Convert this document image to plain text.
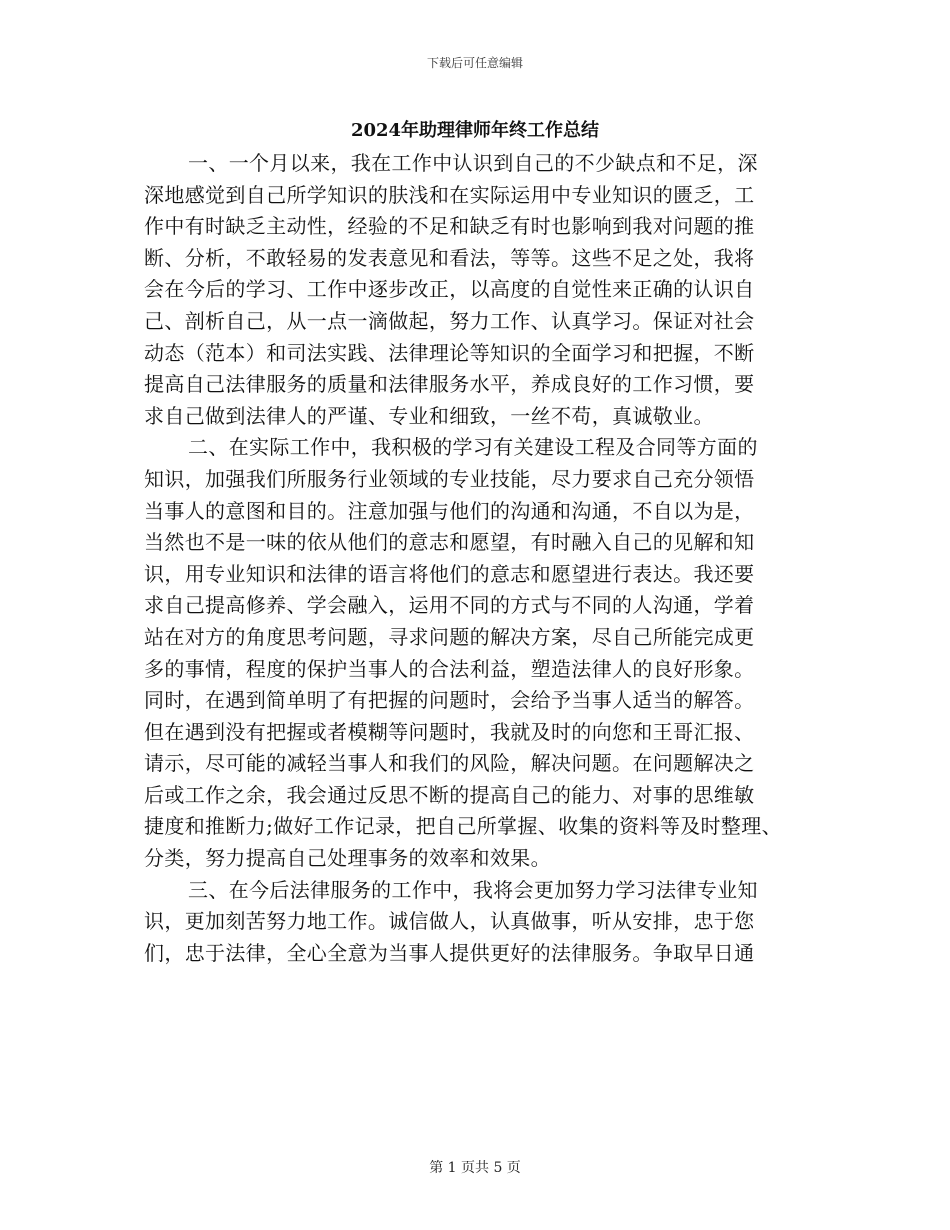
下载后可任意编辑
2024年助理律师年终工作总结
一、一个月以来，我在工作中认识到自己的不少缺点和不足，深
深地感觉到自己所学知识的肤浅和在实际运用中专业知识的匮乏，工
作中有时缺乏主动性，经验的不足和缺乏有时也影响到我对问题的推
断、分析，不敢轻易的发表意见和看法，等等。这些不足之处，我将
会在今后的学习、工作中逐步改正，以高度的自觉性来正确的认识自
己、剖析自己，从一点一滴做起，努力工作、认真学习。保证对社会
动态（范本）和司法实践、法律理论等知识的全面学习和把握，不断
提高自己法律服务的质量和法律服务水平，养成良好的工作习惯，要
求自己做到法律人的严谨、专业和细致，一丝不苟，真诚敬业。
二、在实际工作中，我积极的学习有关建设工程及合同等方面的
知识，加强我们所服务行业领域的专业技能，尽力要求自己充分领悟
当事人的意图和目的。注意加强与他们的沟通和沟通，不自以为是，
当然也不是一味的依从他们的意志和愿望，有时融入自己的见解和知
识，用专业知识和法律的语言将他们的意志和愿望进行表达。我还要
求自己提高修养、学会融入，运用不同的方式与不同的人沟通，学着
站在对方的角度思考问题，寻求问题的解决方案，尽自己所能完成更
多的事情，程度的保护当事人的合法利益，塑造法律人的良好形象。
同时，在遇到简单明了有把握的问题时，会给予当事人适当的解答。
但在遇到没有把握或者模糊等问题时，我就及时的向您和王哥汇报、
请示，尽可能的减轻当事人和我们的风险，解决问题。在问题解决之
后或工作之余，我会通过反思不断的提高自己的能力、对事的思维敏
捷度和推断力;做好工作记录，把自己所掌握、收集的资料等及时整理、
分类，努力提高自己处理事务的效率和效果。
三、在今后法律服务的工作中，我将会更加努力学习法律专业知
识，更加刻苦努力地工作。诚信做人，认真做事，听从安排，忠于您
们，忠于法律，全心全意为当事人提供更好的法律服务。争取早日通
第 1 页共 5 页
